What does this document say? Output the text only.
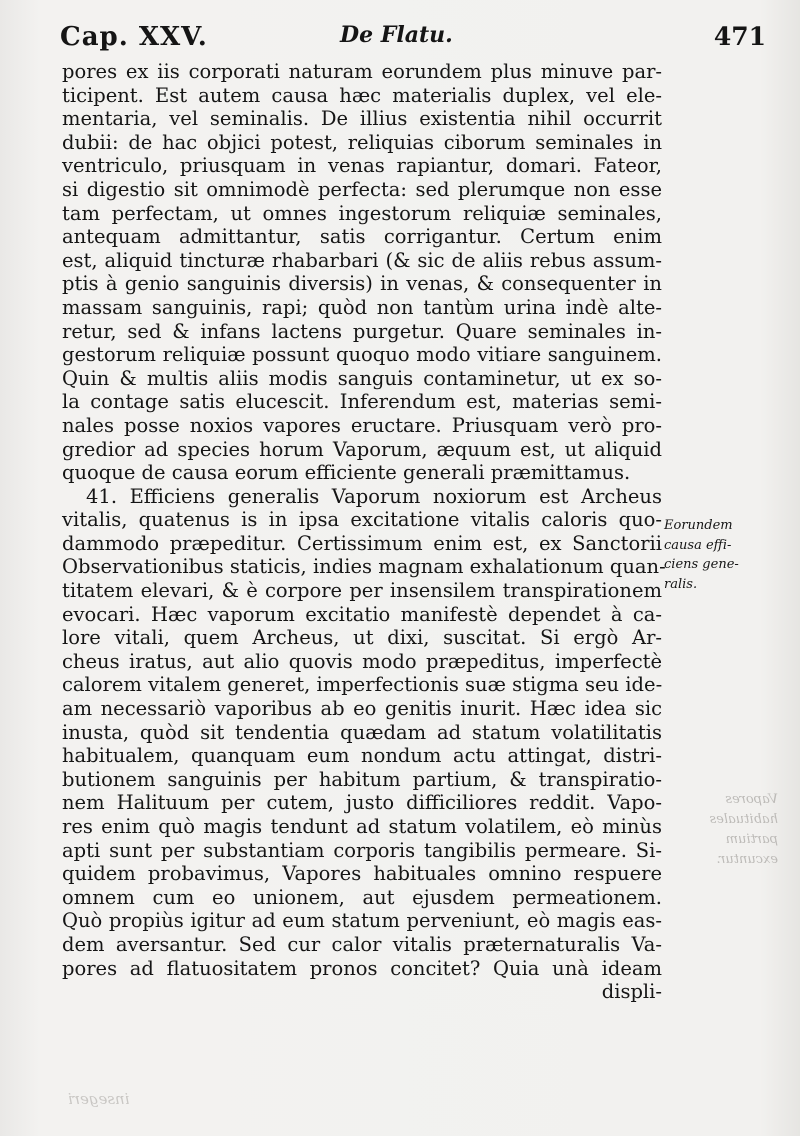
Cap. XXV.	De Flatu.	471
pores ex iis corporati naturam eorundem plus minuve par-
ticipent. Est autem causa hæc materialis duplex, vel ele-
mentaria, vel seminalis. De illius existentia nihil occurrit
dubii: de hac objici potest, reliquias ciborum seminales in
ventriculo, priusquam in venas rapiantur, domari. Fateor,
si digestio sit omnimodè perfecta: sed plerumque non esse
tam perfectam, ut omnes ingestorum reliquiæ seminales,
antequam admittantur, satis corrigantur. Certum enim
est, aliquid tincturæ rhabarbari (& sic de aliis rebus assum-
ptis à genio sanguinis diversis) in venas, & consequenter in
massam sanguinis, rapi; quòd non tantùm urina indè alte-
retur, sed & infans lactens purgetur. Quare seminales in-
gestorum reliquiæ possunt quoquo modo vitiare sanguinem.
Quin & multis aliis modis sanguis contaminetur, ut ex so-
la contage satis elucescit. Inferendum est, materias semi-
nales posse noxios vapores eructare. Priusquam verò pro-
gredior ad species horum Vaporum, æquum est, ut aliquid
quoque de causa eorum efficiente generali præmittamus.
41. Efficiens generalis Vaporum noxiorum est Archeus
vitalis, quatenus is in ipsa excitatione vitalis caloris quo-
dammodo præpeditur. Certissimum enim est, ex Sanctorii
Observationibus staticis, indies magnam exhalationum quan-
titatem elevari, & è corpore per insensilem transpirationem
evocari. Hæc vaporum excitatio manifestè dependet à ca-
lore vitali, quem Archeus, ut dixi, suscitat. Si ergò Ar-
cheus iratus, aut alio quovis modo præpeditus, imperfectè
calorem vitalem generet, imperfectionis suæ stigma seu ide-
am necessariò vaporibus ab eo genitis inurit. Hæc idea sic
inusta, quòd sit tendentia quædam ad statum volatilitatis
habitualem, quanquam eum nondum actu attingat, distri-
butionem sanguinis per habitum partium, & transpiratio-
nem Halituum per cutem, justo difficiliores reddit. Vapo-
res enim quò magis tendunt ad statum volatilem, eò minùs
apti sunt per substantiam corporis tangibilis permeare. Si-
quidem probavimus, Vapores habituales omnino respuere
omnem cum eo unionem, aut ejusdem permeationem.
Quò propiùs igitur ad eum statum perveniunt, eò magis eas-
dem aversantur. Sed cur calor vitalis præternaturalis Va-
pores ad flatuositatem pronos concitet? Quia unà ideam
displi-
Eorundem
causa effi-
ciens gene-
ralis.
Vapores
habituales
partium
excuntur.
insegeri
